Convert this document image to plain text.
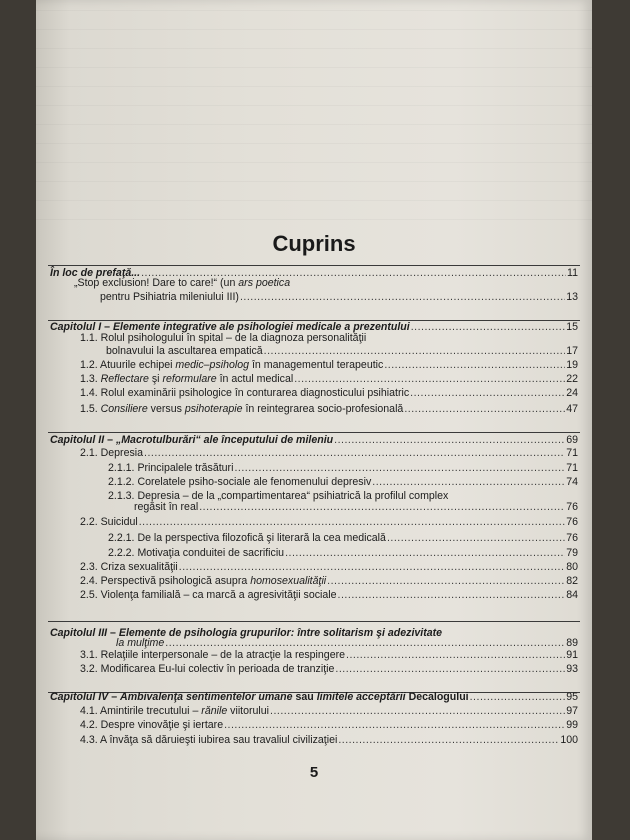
Cuprins
În loc de prefaţă... .....	11
„Stop exclusion! Dare to care!“ (un ars poetica
pentru Psihiatria mileniului III) .....	13
Capitolul I – Elemente integrative ale psihologiei medicale a prezentului .....	15
1.1. Rolul psihologului în spital – de la diagnoza personalităţii
bolnavului la ascultarea empatică .....	17
1.2. Atuurile echipei medic–psiholog în managementul terapeutic .....	19
1.3. Reflectare şi reformulare în actul medical .....	22
1.4. Rolul examinării psihologice în conturarea diagnosticului psihiatric .....	24
1.5. Consiliere versus psihoterapie în reintegrarea socio-profesională .....	47
Capitolul II – „Macrotulburări“ ale începutului de mileniu .....	69
2.1. Depresia .....	71
2.1.1. Principalele trăsături .....	71
2.1.2. Corelatele psiho-sociale ale fenomenului depresiv .....	74
2.1.3. Depresia – de la „compartimentarea“ psihiatrică la profilul complex
regăsit în real .....	76
2.2. Suicidul .....	76
2.2.1. De la perspectiva filozofică şi literară la cea medicală .....	76
2.2.2. Motivaţia conduitei de sacrificiu .....	79
2.3. Criza sexualităţii .....	80
2.4. Perspectivă psihologică asupra homosexualităţii .....	82
2.5. Violenţa familială – ca marcă a agresivităţii sociale .....	84
Capitolul III – Elemente de psihologia grupurilor: între solitarism şi adezivitate
la mulţime .....	89
3.1. Relaţiile interpersonale – de la atracţie la respingere .....	91
3.2. Modificarea Eu-lui colectiv în perioada de tranziţie .....	93
Capitolul IV – Ambivalenţa sentimentelor umane sau limitele acceptării Decalogului .....	95
4.1. Amintirile trecutului – rănile viitorului .....	97
4.2. Despre vinovăţie şi iertare .....	99
4.3. A învăţa să dăruieşti iubirea sau travaliul civilizaţiei .....	100
5
